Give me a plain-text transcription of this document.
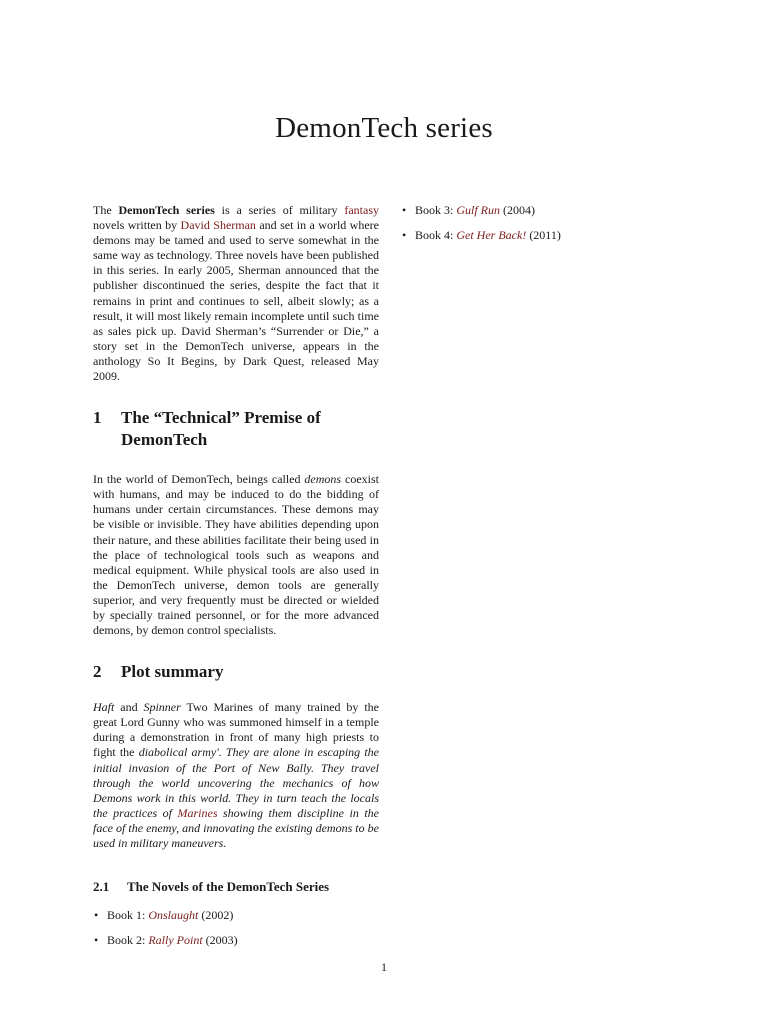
DemonTech series

The DemonTech series is a series of military fantasy novels written by David Sherman and set in a world where demons may be tamed and used to serve somewhat in the same way as technology. Three novels have been published in this series. In early 2005, Sherman announced that the publisher discontinued the series, despite the fact that it remains in print and continues to sell, albeit slowly; as a result, it will most likely remain incomplete until such time as sales pick up. David Sherman’s “Surrender or Die,” a story set in the DemonTech universe, appears in the anthology So It Begins, by Dark Quest, released May 2009.

1 The “Technical” Premise of DemonTech

In the world of DemonTech, beings called demons coexist with humans, and may be induced to do the bidding of humans under certain circumstances. These demons may be visible or invisible. They have abilities depending upon their nature, and these abilities facilitate their being used in the place of technological tools such as weapons and medical equipment. While physical tools are also used in the DemonTech universe, demon tools are generally superior, and very frequently must be directed or wielded by specially trained personnel, or for the more advanced demons, by demon control specialists.

2 Plot summary

Haft and Spinner Two Marines of many trained by the great Lord Gunny who was summoned himself in a temple during a demonstration in front of many high priests to fight the diabolical army'. They are alone in escaping the initial invasion of the Port of New Bally. They travel through the world uncovering the mechanics of how Demons work in this world. They in turn teach the locals the practices of Marines showing them discipline in the face of the enemy, and innovating the existing demons to be used in military maneuvers.

2.1 The Novels of the DemonTech Series
• Book 1: Onslaught (2002)
• Book 2: Rally Point (2003)
• Book 3: Gulf Run (2004)
• Book 4: Get Her Back! (2011)
1
